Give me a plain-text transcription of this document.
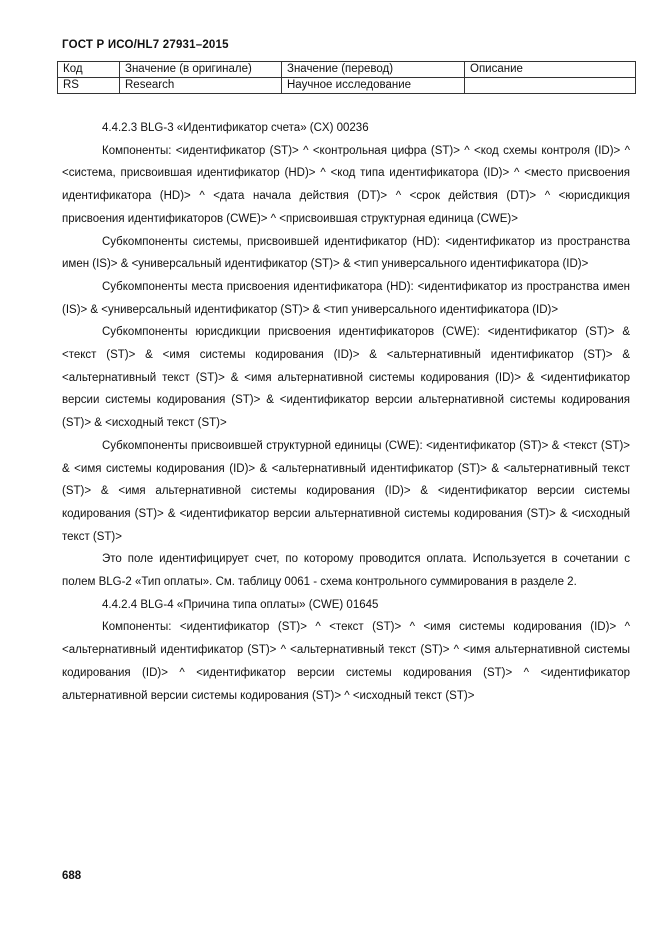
ГОСТ Р ИСО/HL7 27931–2015
Код	Значение (в оригинале)	Значение (перевод)	Описание
RS	Research	Научное исследование	

4.4.2.3 BLG-3 «Идентификатор счета» (CX) 00236

Компоненты: <идентификатор (ST)> ^ <контрольная цифра (ST)> ^ <код схемы контроля (ID)> ^ <система, присвоившая идентификатор (HD)> ^ <код типа идентификатора (ID)> ^ <место присвоения идентификатора (HD)> ^ <дата начала действия (DT)> ^ <срок действия (DT)> ^ <юрисдикция присвоения идентификаторов (CWE)> ^ <присвоившая структурная единица (CWE)>

Субкомпоненты системы, присвоившей идентификатор (HD): <идентификатор из пространства имен (IS)> & <универсальный идентификатор (ST)> & <тип универсального идентификатора (ID)>

Субкомпоненты места присвоения идентификатора (HD): <идентификатор из пространства имен (IS)> & <универсальный идентификатор (ST)> & <тип универсального идентификатора (ID)>

Субкомпоненты юрисдикции присвоения идентификаторов (CWE): <идентификатор (ST)> & <текст (ST)> & <имя системы кодирования (ID)> & <альтернативный идентификатор (ST)> & <альтернативный текст (ST)> & <имя альтернативной системы кодирования (ID)> & <идентификатор версии системы кодирования (ST)> & <идентификатор версии альтернативной системы кодирования (ST)> & <исходный текст (ST)>

Субкомпоненты присвоившей структурной единицы (CWE): <идентификатор (ST)> & <текст (ST)> & <имя системы кодирования (ID)> & <альтернативный идентификатор (ST)> & <альтернативный текст (ST)> & <имя альтернативной системы кодирования (ID)> & <идентификатор версии системы кодирования (ST)> & <идентификатор версии альтернативной системы кодирования (ST)> & <исходный текст (ST)>

Это поле идентифицирует счет, по которому проводится оплата. Используется в сочетании с полем BLG-2 «Тип оплаты». См. таблицу 0061 - схема контрольного суммирования в разделе 2.

4.4.2.4 BLG-4 «Причина типа оплаты» (CWE) 01645

Компоненты: <идентификатор (ST)> ^ <текст (ST)> ^ <имя системы кодирования (ID)> ^ <альтернативный идентификатор (ST)> ^ <альтернативный текст (ST)> ^ <имя альтернативной системы кодирования (ID)> ^ <идентификатор версии системы кодирования (ST)> ^ <идентификатор альтернативной версии системы кодирования (ST)> ^ <исходный текст (ST)>

688
